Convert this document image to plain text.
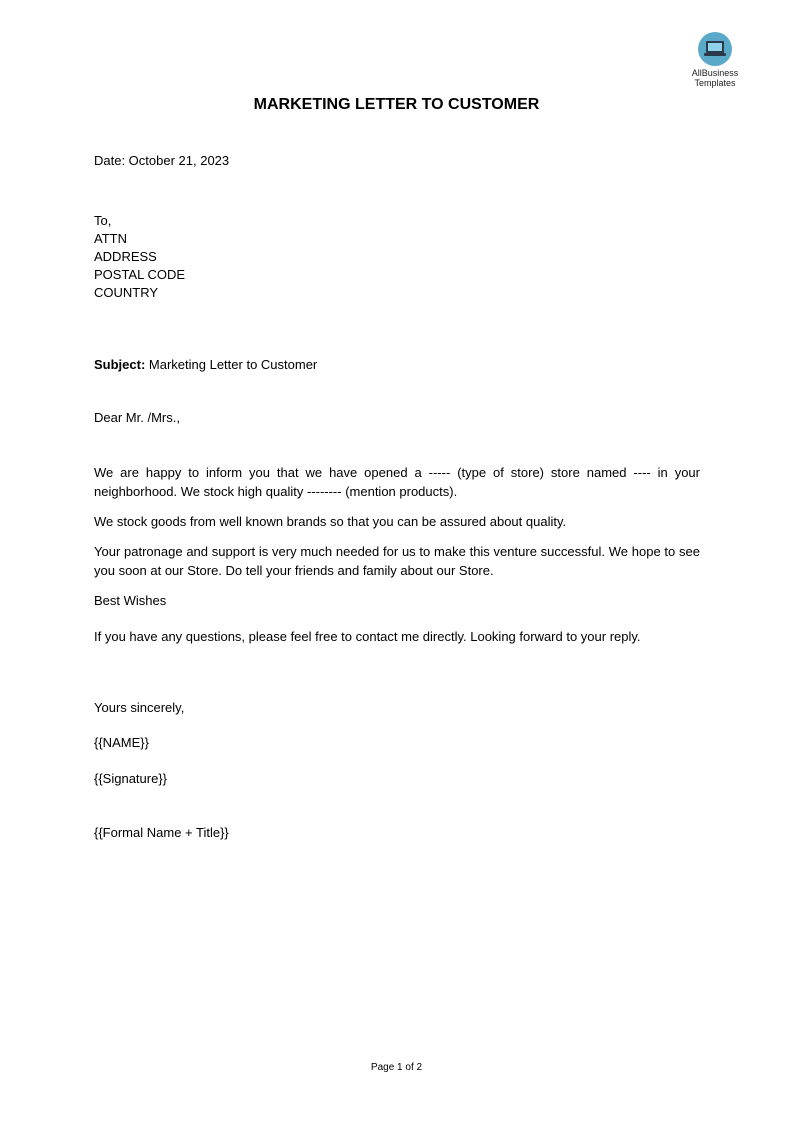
AllBusiness
Templates
MARKETING LETTER TO CUSTOMER
Date: October 21, 2023
To,
ATTN
ADDRESS
POSTAL CODE
COUNTRY
Subject: Marketing Letter to Customer
Dear Mr. /Mrs.,
We are happy to inform you that we have opened a ----- (type of store) store named ---- in your neighborhood. We stock high quality -------- (mention products).
We stock goods from well known brands so that you can be assured about quality.
Your patronage and support is very much needed for us to make this venture successful. We hope to see you soon at our Store. Do tell your friends and family about our Store.
Best Wishes
If you have any questions, please feel free to contact me directly. Looking forward to your reply.
Yours sincerely,
{{NAME}}
{{Signature}}
{{Formal Name + Title}}
Page 1 of 2
